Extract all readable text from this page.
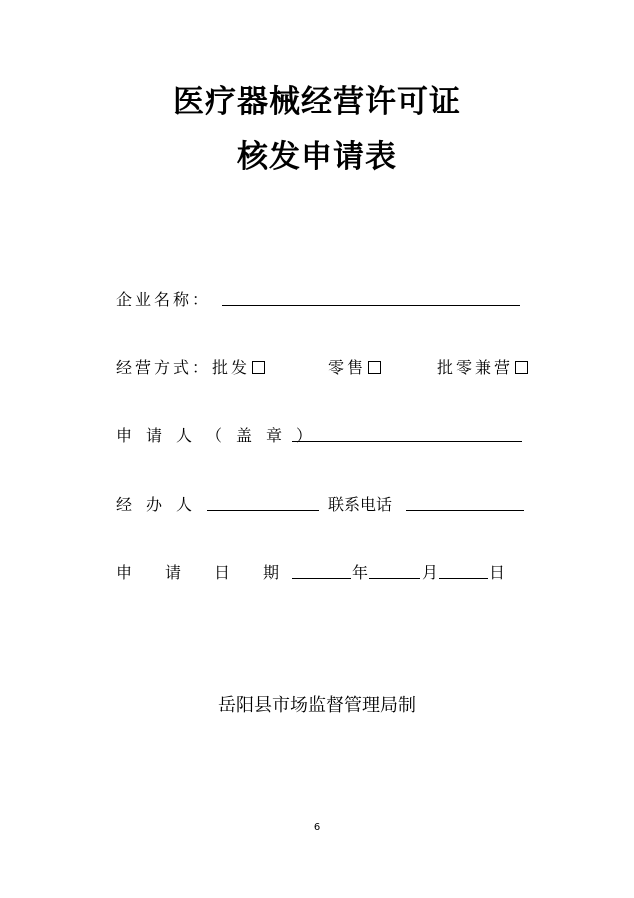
医疗器械经营许可证
核发申请表
企业名称：
经营方式： 批发	零售	批零兼营
申请人（盖章）
经办人	联系电话
申请日期 年	月	日
岳阳县市场监督管理局制
6
